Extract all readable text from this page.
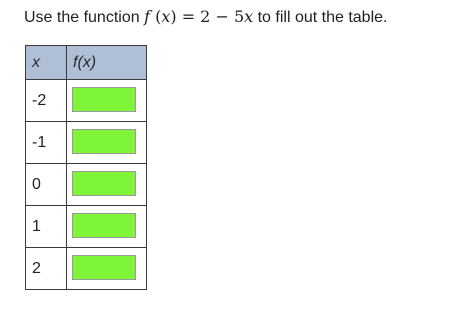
Use the function f (x) = 2 − 5x to fill out the table.
x	f(x)
-2	

-1	

0	

1	

2	
